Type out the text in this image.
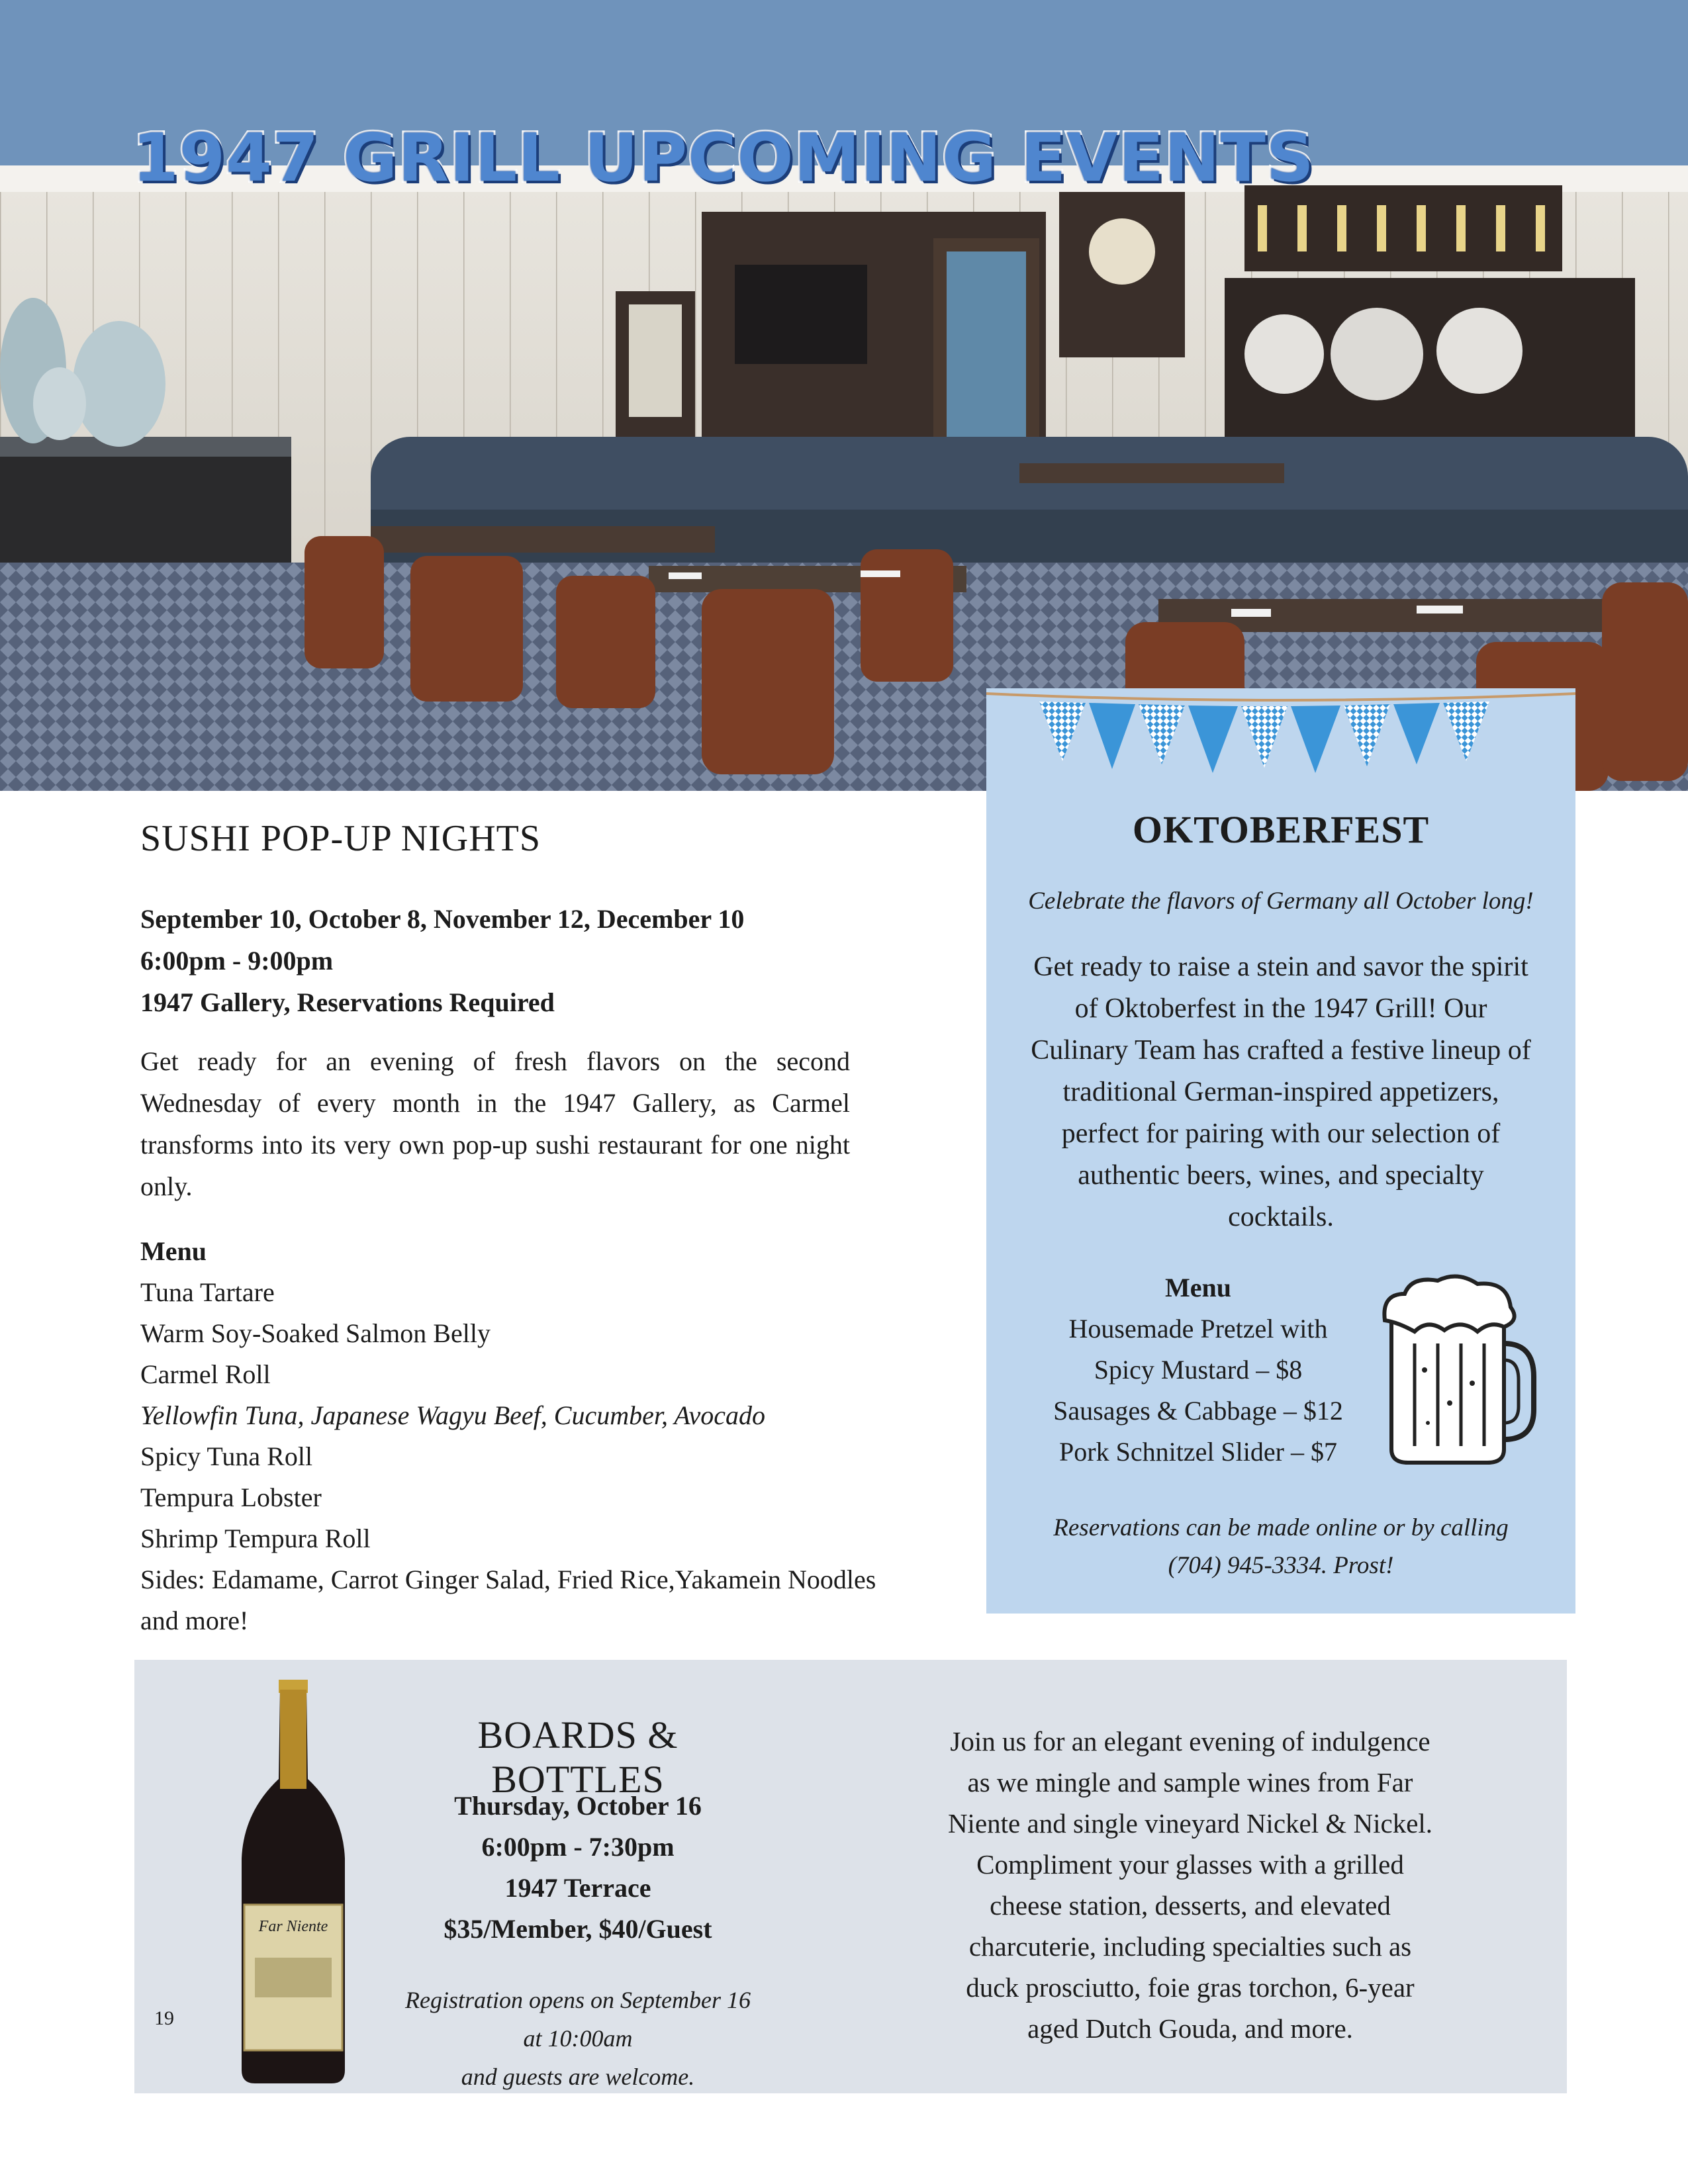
1947 GRILL UPCOMING EVENTS
SUSHI POP-UP NIGHTS
September 10, October 8, November 12, December 10
6:00pm - 9:00pm
1947 Gallery, Reservations Required
Get ready for an evening of fresh flavors on the second Wednesday of every month in the 1947 Gallery, as Carmel transforms into its very own pop-up sushi restaurant for one night only.
Menu
Tuna Tartare
Warm Soy-Soaked Salmon Belly
Carmel Roll
Yellowfin Tuna, Japanese Wagyu Beef, Cucumber, Avocado
Spicy Tuna Roll
Tempura Lobster
Shrimp Tempura Roll
Sides: Edamame, Carrot Ginger Salad, Fried Rice,Yakamein Noodles
and more!
OKTOBERFEST
Celebrate the flavors of Germany all October long!
Get ready to raise a stein and savor the spirit of Oktoberfest in the 1947 Grill! Our Culinary Team has crafted a festive lineup of traditional German-inspired appetizers, perfect for pairing with our selection of authentic beers, wines, and specialty cocktails.
Menu
Housemade Pretzel with
Spicy Mustard – $8
Sausages & Cabbage – $12
Pork Schnitzel Slider – $7
Reservations can be made online or by calling
(704) 945-3334. Prost!
Far Niente
19
BOARDS & BOTTLES
Thursday, October 16
6:00pm - 7:30pm
1947 Terrace
$35/Member, $40/Guest
Registration opens on September 16 at 10:00am
and guests are welcome.
Join us for an elegant evening of indulgence as we mingle and sample wines from Far Niente and single vineyard Nickel & Nickel. Compliment your glasses with a grilled cheese station, desserts, and elevated charcuterie, including specialties such as duck prosciutto, foie gras torchon, 6-year aged Dutch Gouda, and more.
